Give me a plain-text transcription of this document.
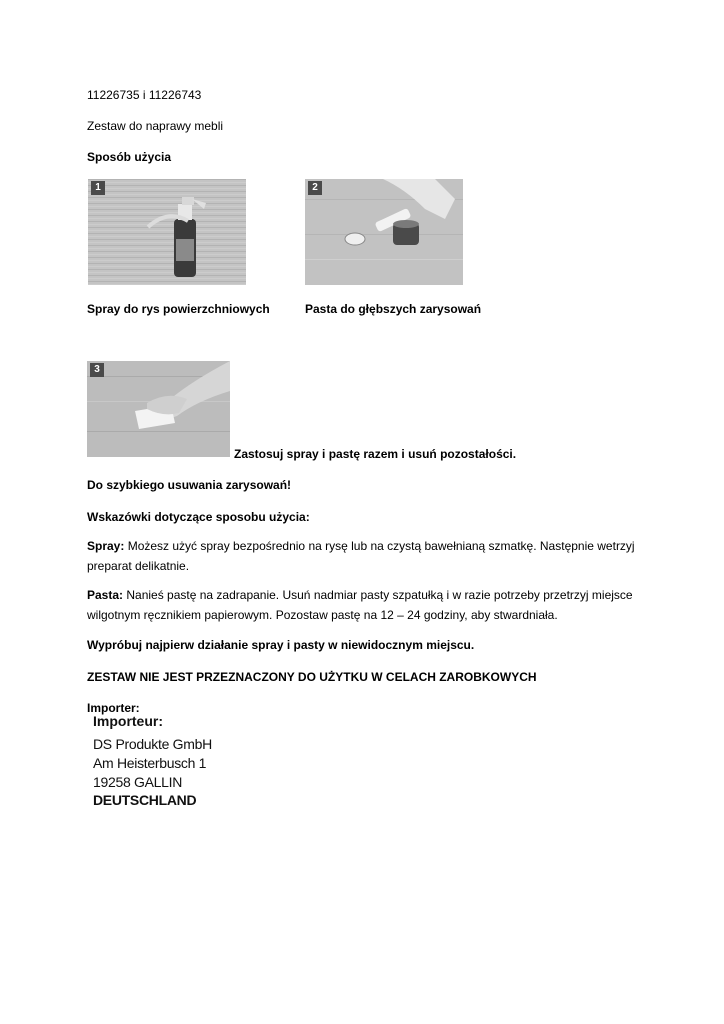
11226735 i 11226743
Zestaw do naprawy mebli
Sposób użycia
1	2
Spray do rys powierzchniowych	Pasta do głębszych zarysowań
3
Zastosuj spray i pastę razem i usuń pozostałości.
Do szybkiego usuwania zarysowań!
Wskazówki dotyczące sposobu użycia:
Spray: Możesz użyć spray bezpośrednio na rysę lub na czystą bawełnianą szmatkę. Następnie wetrzyj preparat delikatnie.
Pasta: Nanieś pastę na zadrapanie. Usuń nadmiar pasty szpatułką i w razie potrzeby przetrzyj miejsce wilgotnym ręcznikiem papierowym. Pozostaw pastę na 12 – 24 godziny, aby stwardniała.
Wypróbuj najpierw działanie spray i pasty w niewidocznym miejscu.
ZESTAW NIE JEST PRZEZNACZONY DO UŻYTKU W CELACH ZAROBKOWYCH
Importer:
Importeur:
DS Produkte GmbH
Am Heisterbusch 1
19258 GALLIN
DEUTSCHLAND
